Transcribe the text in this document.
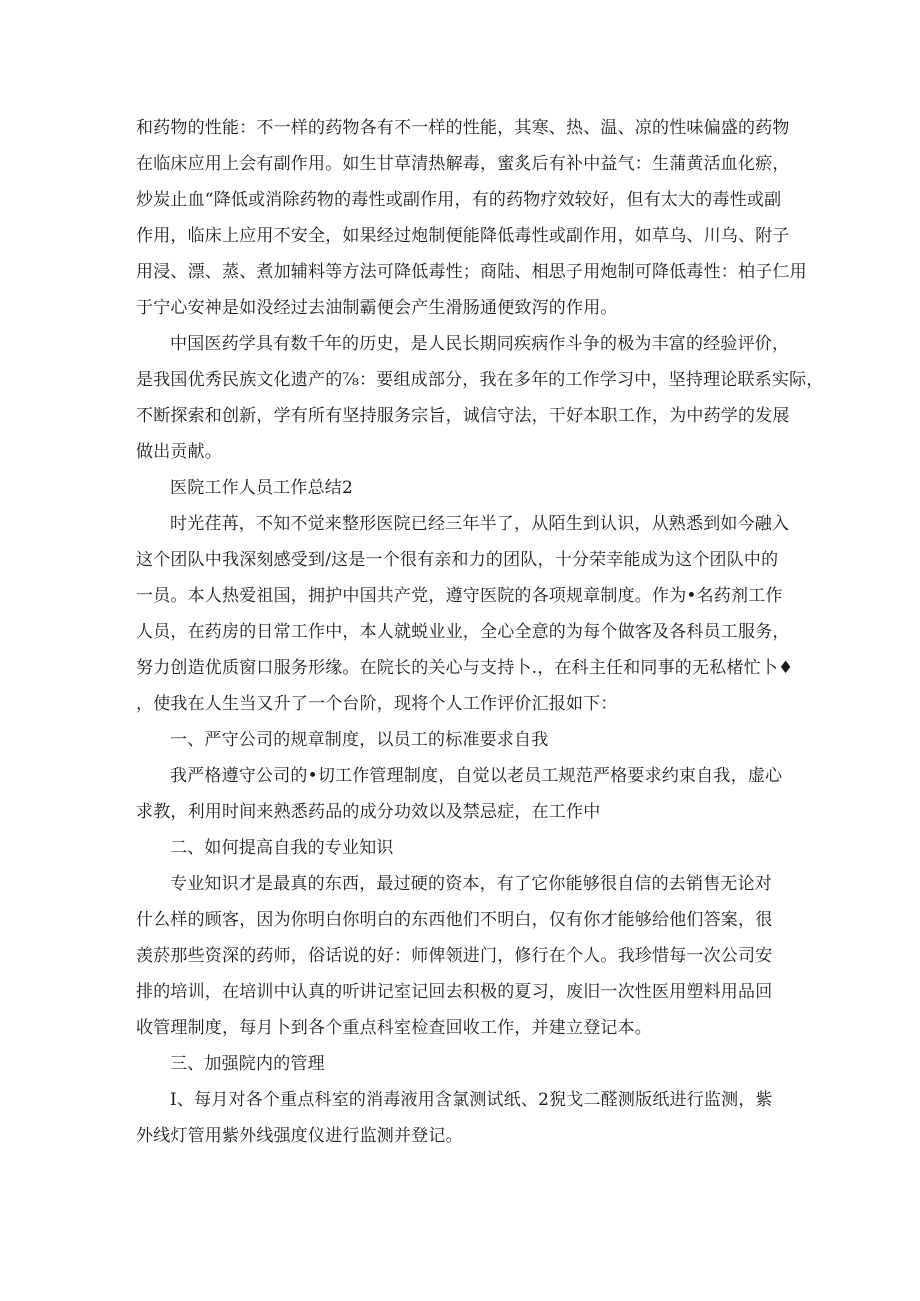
和药物的性能：不一样的药物各有不一样的性能，其寒、热、温、凉的性味偏盛的药物
在临床应用上会有副作用。如生甘草清热解毒，蜜炙后有补中益气：生蒲黄活血化瘀，
炒炭止血“降低或消除药物的毒性或副作用，有的药物疗效较好，但有太大的毒性或副
作用，临床上应用不安全，如果经过炮制便能降低毒性或副作用，如草乌、川乌、附子
用浸、漂、蒸、煮加辅料等方法可降低毒性；商陆、相思子用炮制可降低毒性：柏子仁用
于宁心安神是如没经过去油制霸便会产生滑肠通便致泻的作用。
中国医药学具有数千年的历史，是人民长期同疾病作斗争的极为丰富的经验评价，
是我国优秀民族文化遗产的⅞：要组成部分，我在多年的工作学习中，坚持理论联系实际，
不断探索和创新，学有所有坚持服务宗旨，诚信守法，干好本职工作，为中药学的发展
做出贡献。
医院工作人员工作总结2
时光荏苒，不知不觉来整形医院已经三年半了，从陌生到认识，从熟悉到如今融入
这个团队中我深刻感受到/这是一个很有亲和力的团队，十分荣幸能成为这个团队中的
一员。本人热爱祖国，拥护中国共产党，遵守医院的各项规章制度。作为•名药剂工作
人员，在药房的日常工作中，本人就蜕业业，全心全意的为每个做客及各科员工服务，
努力创造优质窗口服务形缘。在院长的关心与支持卜.，在科主任和同事的无私楮忙卜♦
，使我在人生当又升了一个台阶，现将个人工作评价汇报如下：
一、严守公司的规章制度，以员工的标准要求自我
我严格遵守公司的•切工作管理制度，自觉以老员工规范严格要求约束自我，虚心
求教，利用时间来熟悉药品的成分功效以及禁忌症，在工作中
二、如何提高自我的专业知识
专业知识才是最真的东西，最过硬的资本，有了它你能够很自信的去销售无论对
什么样的顾客，因为你明白你明白的东西他们不明白，仅有你才能够给他们答案，很
羡菸那些资深的药师，俗话说的好：师俾领进门，修行在个人。我珍惜每一次公司安
排的培训，在培训中认真的听讲记室记回去积极的夏习，废旧一次性医用塑料用品回
收管理制度，每月卜到各个重点科室检查回收工作，并建立登记本。
三、加强院内的管理
I、每月对各个重点科室的消毒液用含氯测试纸、2猊戈二醛测版纸进行监测，紫
外线灯管用紫外线强度仪进行监测并登记。
